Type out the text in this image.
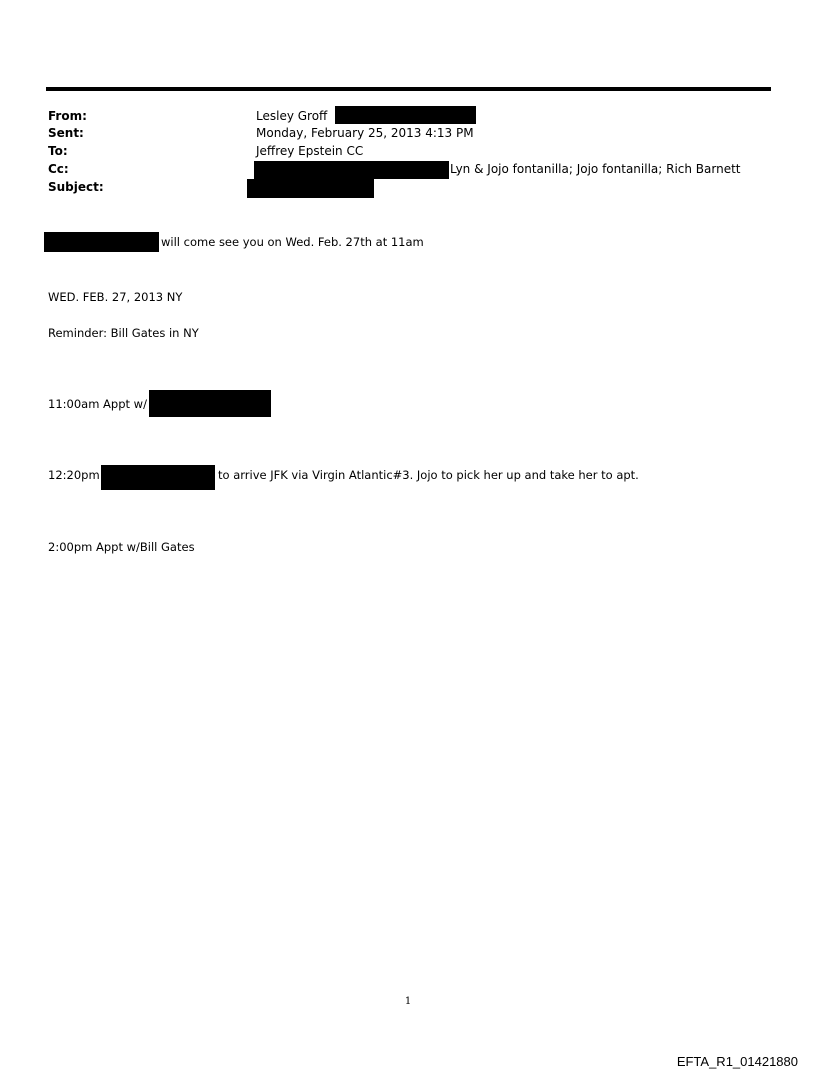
From:	Lesley Groff
Sent:	Monday, February 25, 2013 4:13 PM
To:	Jeffrey Epstein CC
Cc:	Lyn & Jojo fontanilla; Jojo fontanilla; Rich Barnett
Subject:
will come see you on Wed. Feb. 27th at 11am
WED. FEB. 27, 2013 NY
Reminder: Bill Gates in NY
11:00am Appt w/
12:20pm	to arrive JFK via Virgin Atlantic#3. Jojo to pick her up and take her to apt.
2:00pm Appt w/Bill Gates
1
EFTA_R1_01421880
